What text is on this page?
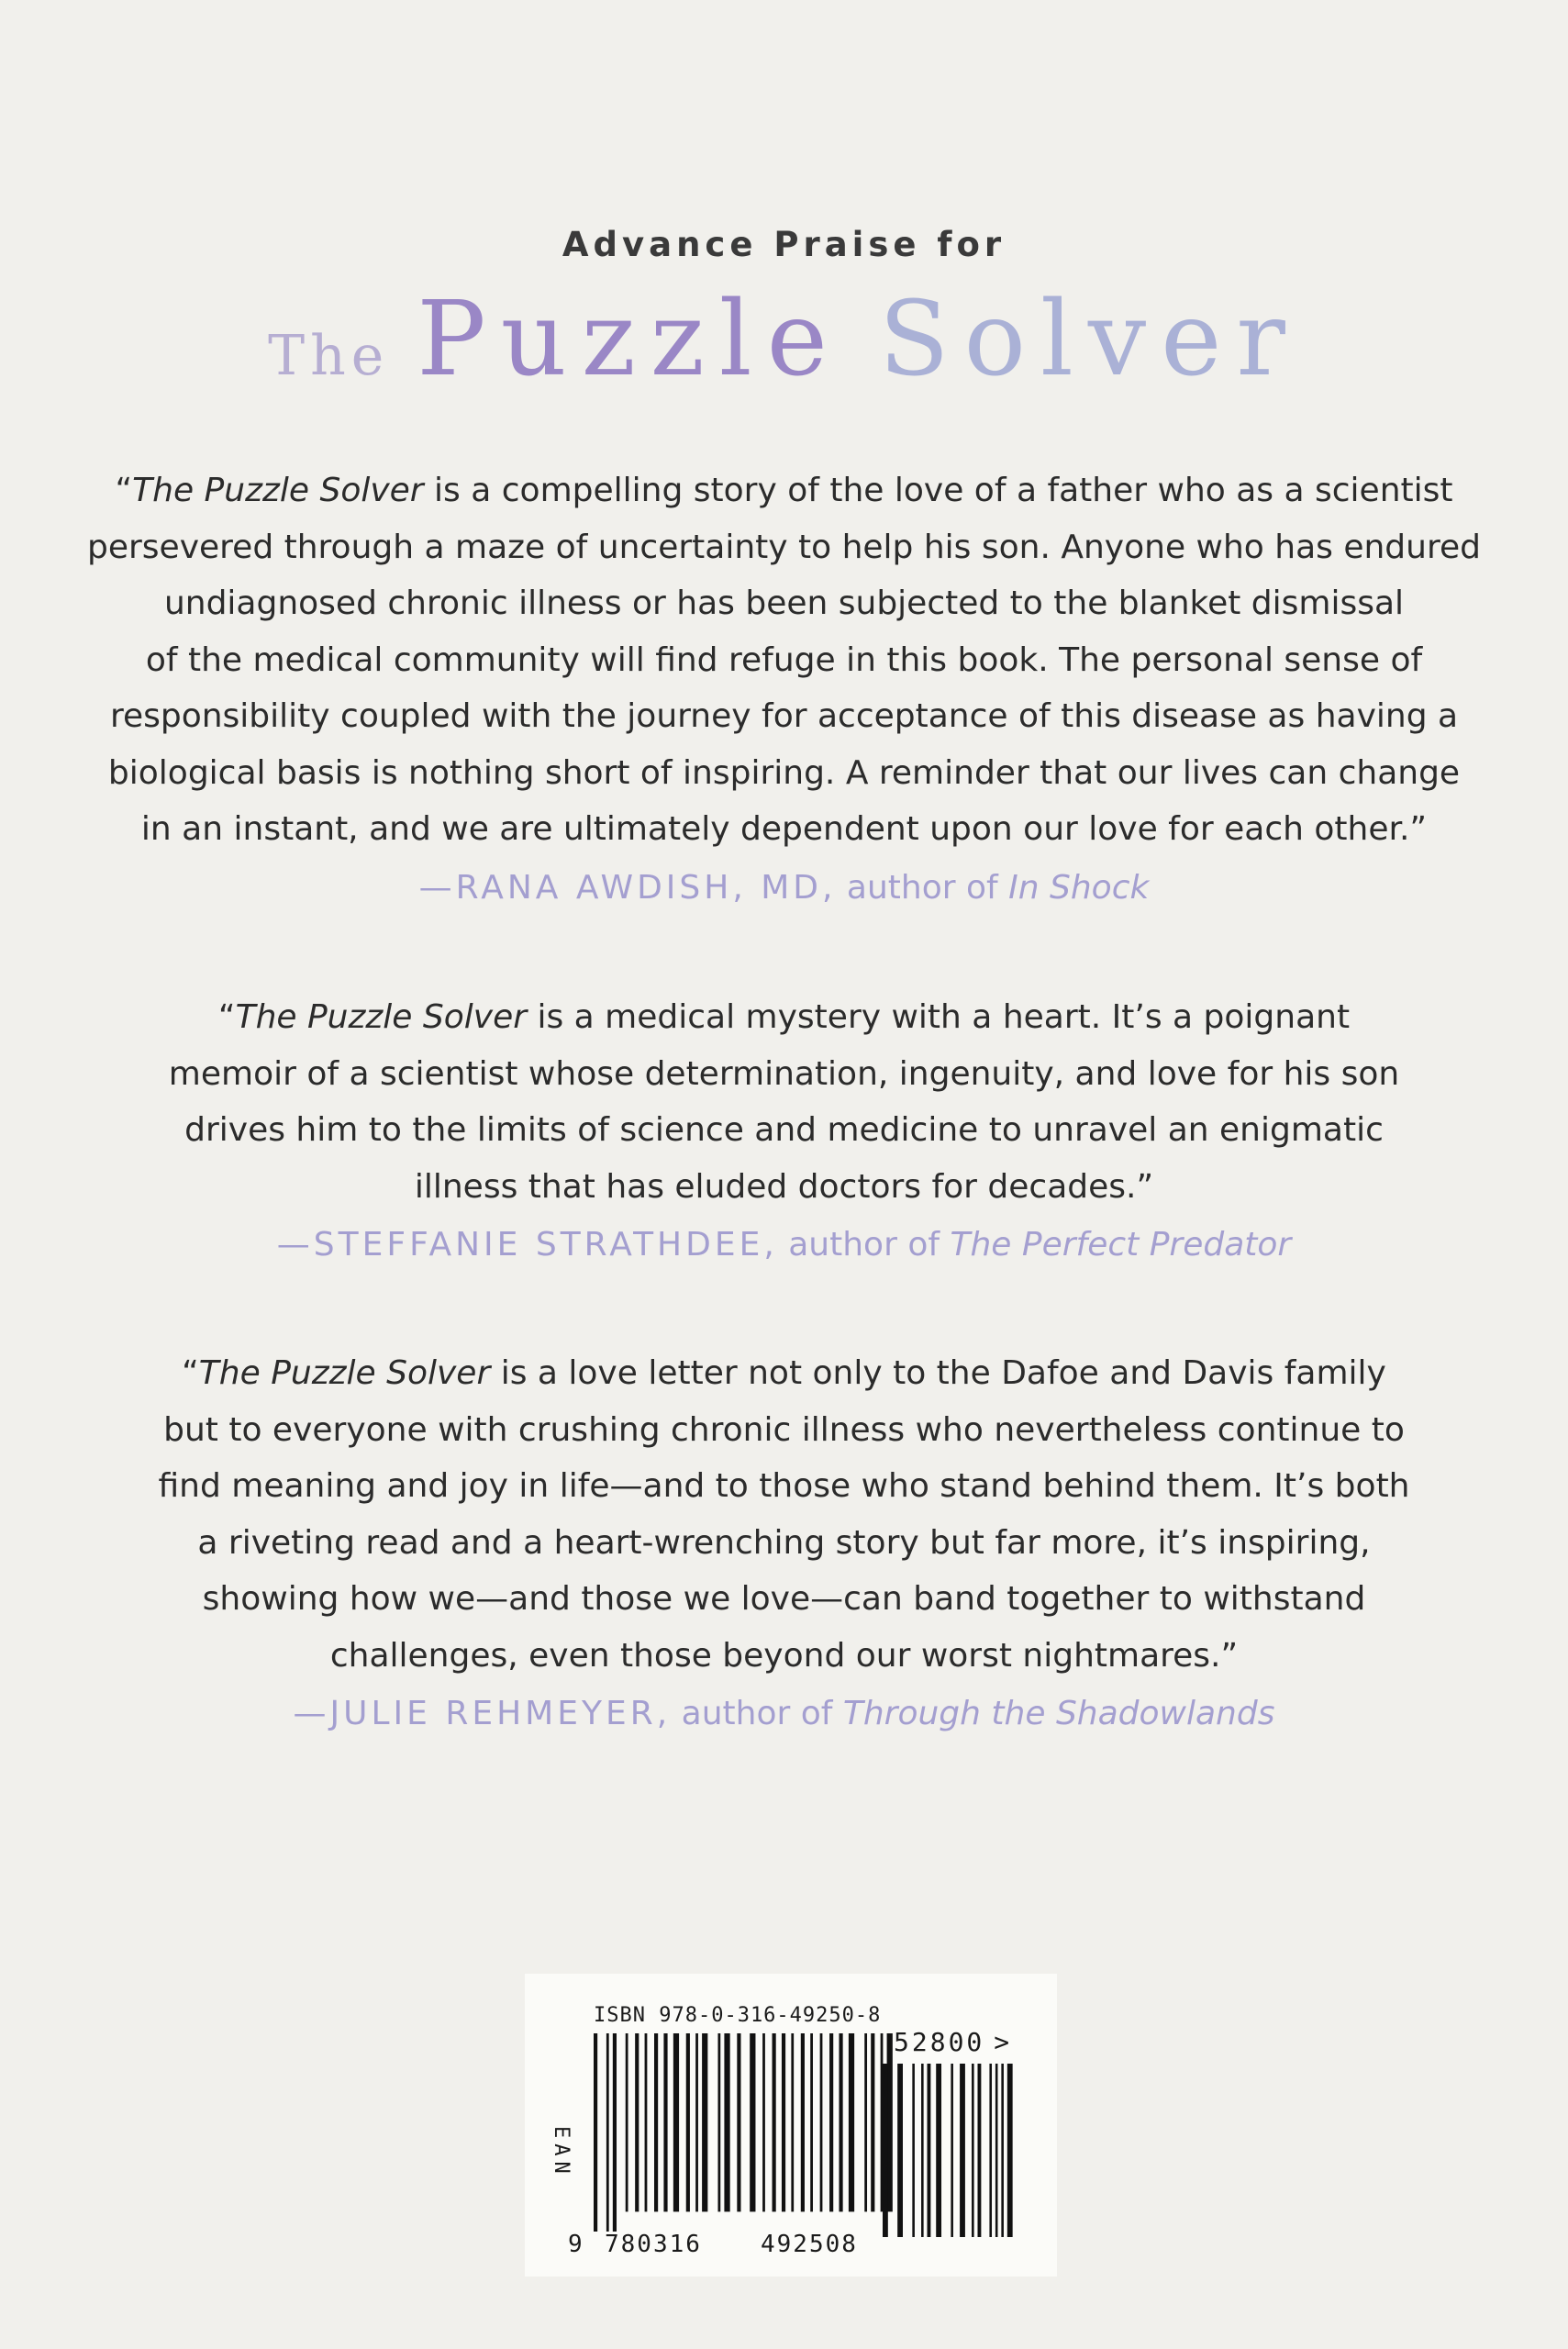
Advance Praise for
The Puzzle Solver

“The Puzzle Solver is a compelling story of the love of a father who as a scientist
persevered through a maze of uncertainty to help his son. Anyone who has endured
undiagnosed chronic illness or has been subjected to the blanket dismissal
of the medical community will find refuge in this book. The personal sense of
responsibility coupled with the journey for acceptance of this disease as having a
biological basis is nothing short of inspiring. A reminder that our lives can change
in an instant, and we are ultimately dependent upon our love for each other.”

—RANA AWDISH, MD, author of In Shock

“The Puzzle Solver is a medical mystery with a heart. It’s a poignant
memoir of a scientist whose determination, ingenuity, and love for his son
drives him to the limits of science and medicine to unravel an enigmatic
illness that has eluded doctors for decades.”

—STEFFANIE STRATHDEE, author of The Perfect Predator

“The Puzzle Solver is a love letter not only to the Dafoe and Davis family
but to everyone with crushing chronic illness who nevertheless continue to
find meaning and joy in life—and to those who stand behind them. It’s both
a riveting read and a heart-wrenching story but far more, it’s inspiring,
showing how we—and those we love—can band together to withstand
challenges, even those beyond our worst nightmares.”

—JULIE REHMEYER, author of Through the Shadowlands
ISBN 978-0-316-49250-8
EAN
52800 >
9 780316 492508
